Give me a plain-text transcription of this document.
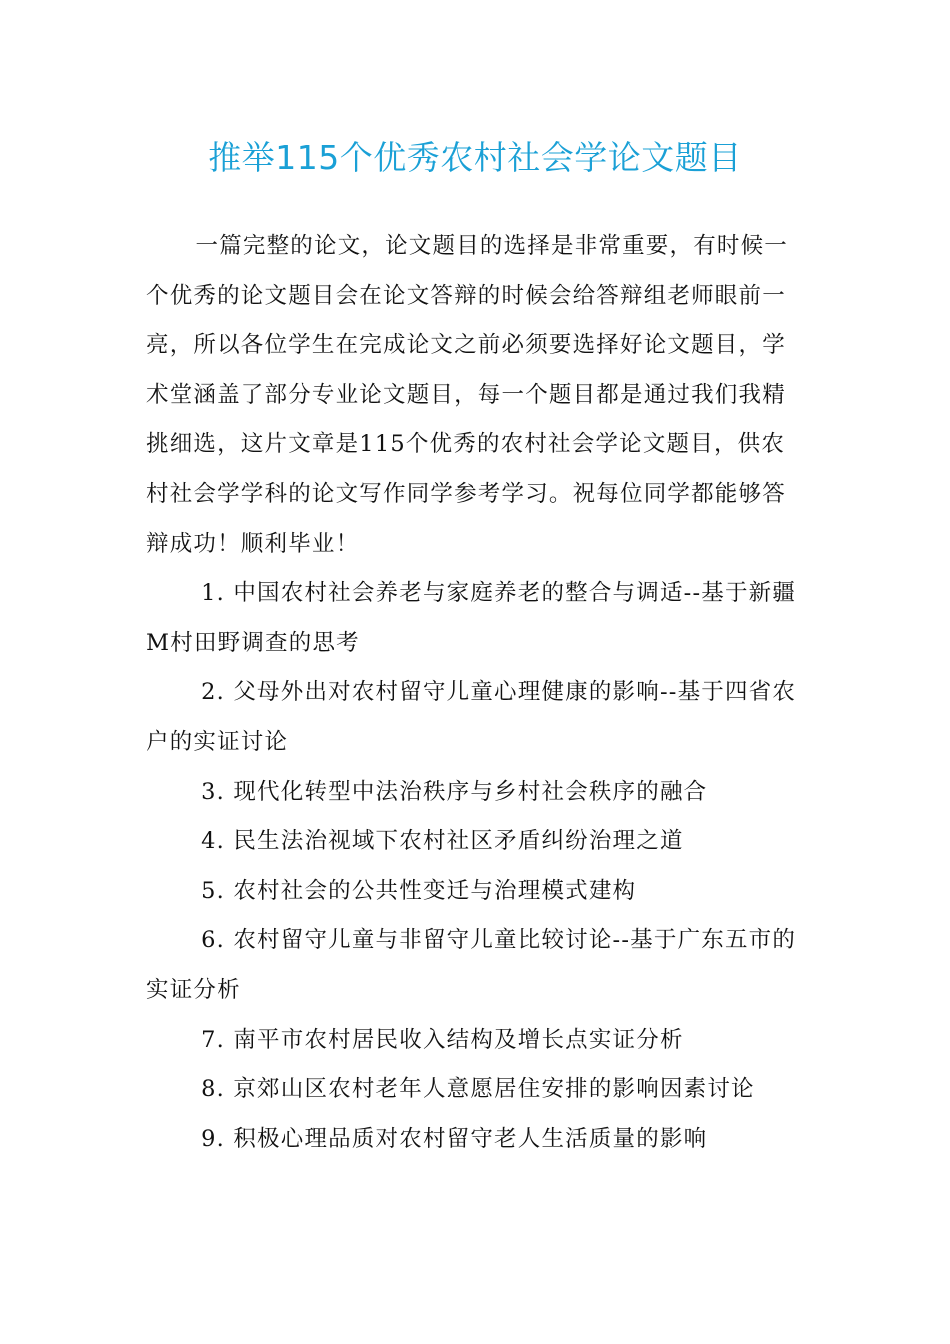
推举115个优秀农村社会学论文题目

一篇完整的论文，论文题目的选择是非常重要，有时候一个优秀的论文题目会在论文答辩的时候会给答辩组老师眼前一亮，所以各位学生在完成论文之前必须要选择好论文题目，学术堂涵盖了部分专业论文题目，每一个题目都是通过我们我精挑细选，这片文章是115个优秀的农村社会学论文题目，供农村社会学学科的论文写作同学参考学习。祝每位同学都能够答辩成功！顺利毕业！

1. 中国农村社会养老与家庭养老的整合与调适--基于新疆M村田野调查的思考

2. 父母外出对农村留守儿童心理健康的影响--基于四省农户的实证讨论

3. 现代化转型中法治秩序与乡村社会秩序的融合

4. 民生法治视域下农村社区矛盾纠纷治理之道

5. 农村社会的公共性变迁与治理模式建构

6. 农村留守儿童与非留守儿童比较讨论--基于广东五市的实证分析

7. 南平市农村居民收入结构及增长点实证分析

8. 京郊山区农村老年人意愿居住安排的影响因素讨论

9. 积极心理品质对农村留守老人生活质量的影响
